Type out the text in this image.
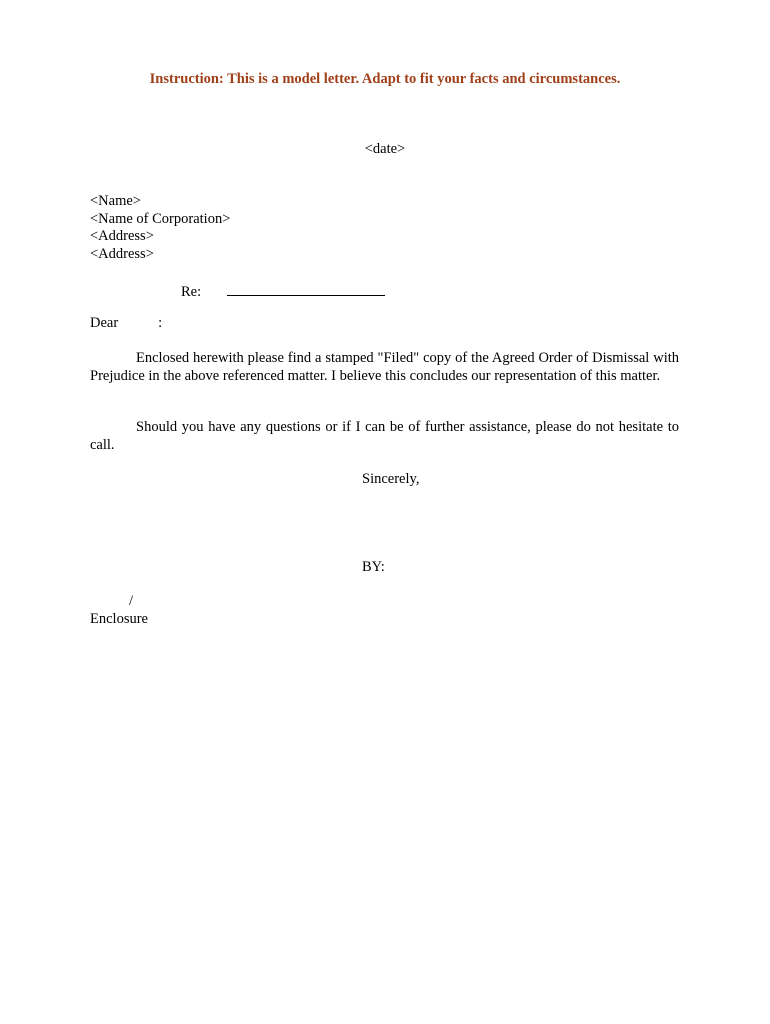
Instruction: This is a model letter. Adapt to fit your facts and circumstances.
<date>
<Name>
<Name of Corporation>
<Address>
<Address>
Re:
Dear	:
Enclosed herewith please find a stamped "Filed" copy of the Agreed Order of Dismissal with Prejudice in the above referenced matter. I believe this concludes our representation of this matter.
Should you have any questions or if I can be of further assistance, please do not hesitate to call.
Sincerely,
BY:
/
Enclosure
